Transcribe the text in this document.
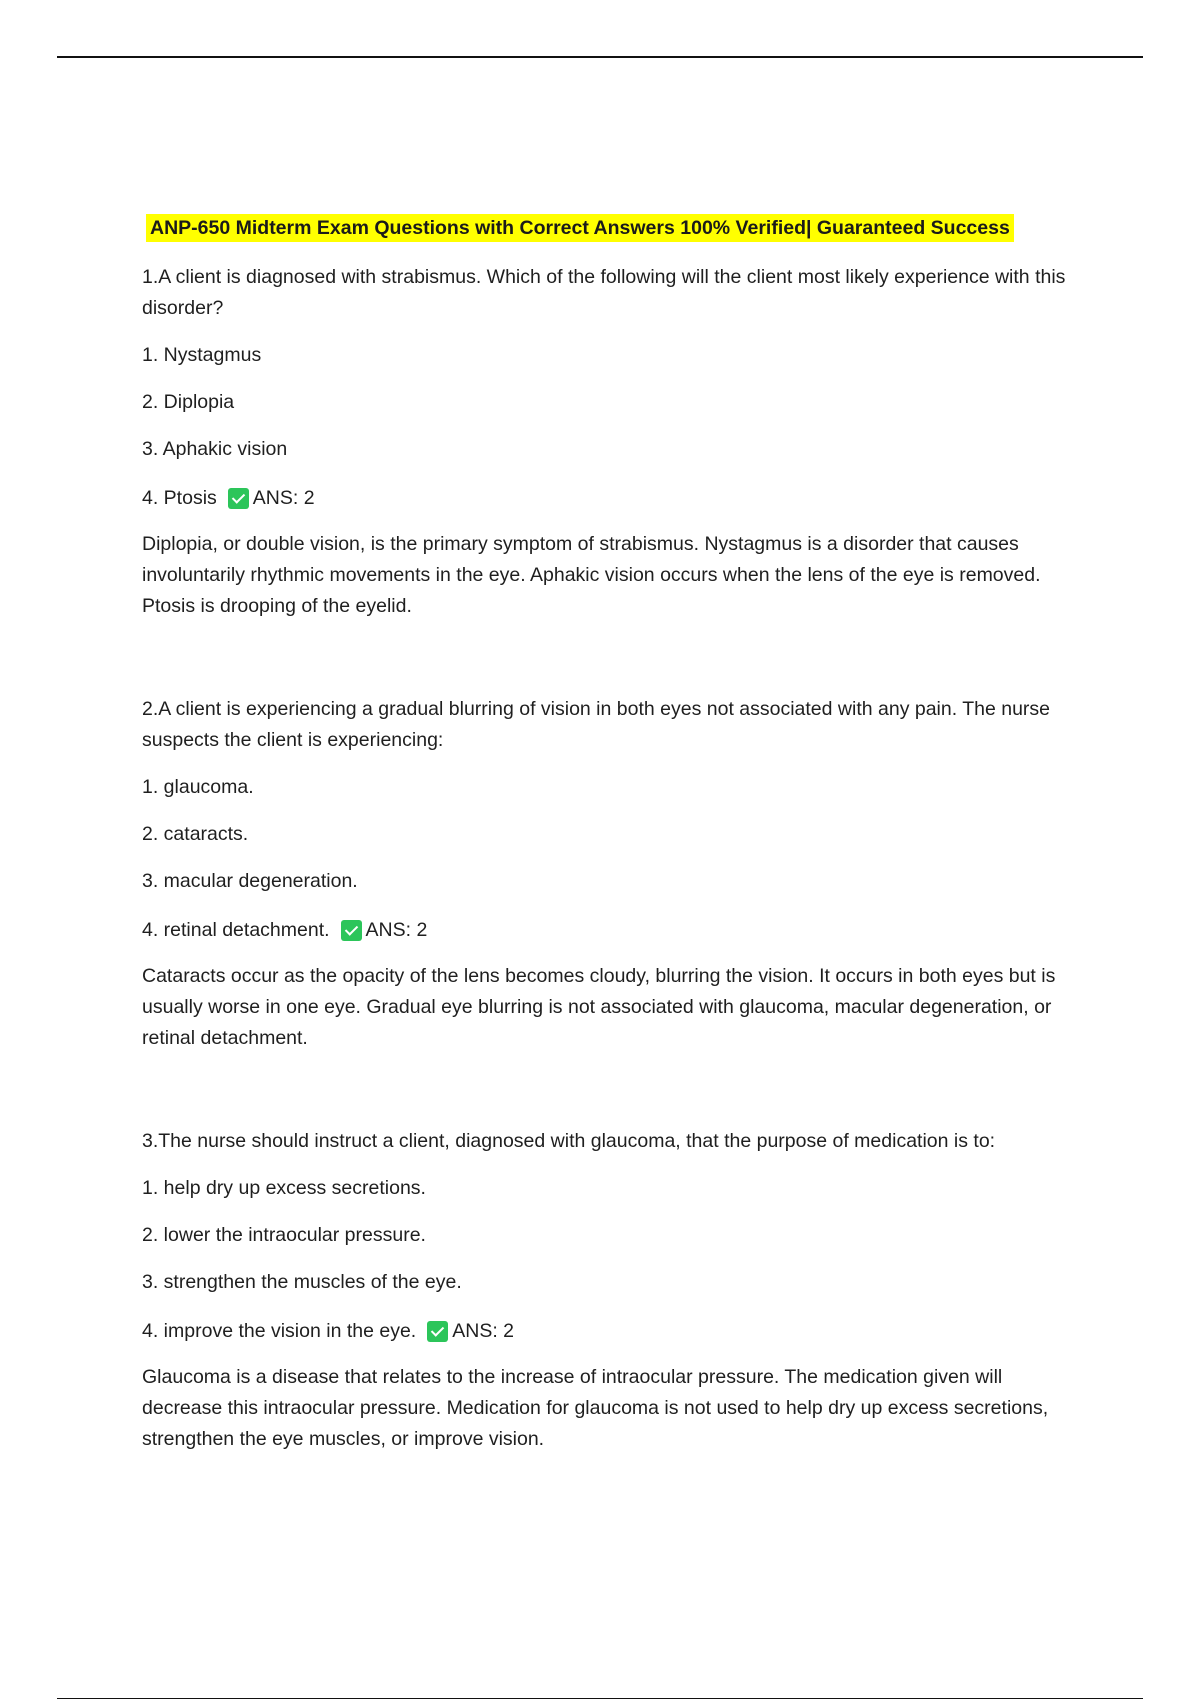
ANP-650 Midterm Exam Questions with Correct Answers 100% Verified| Guaranteed Success

1.A client is diagnosed with strabismus. Which of the following will the client most likely experience with this disorder?

1. Nystagmus
2. Diplopia
3. Aphakic vision
4. Ptosis ANS: 2
Diplopia, or double vision, is the primary symptom of strabismus. Nystagmus is a disorder that causes involuntarily rhythmic movements in the eye. Aphakic vision occurs when the lens of the eye is removed. Ptosis is drooping of the eyelid.

2.A client is experiencing a gradual blurring of vision in both eyes not associated with any pain. The nurse suspects the client is experiencing:

1. glaucoma.
2. cataracts.
3. macular degeneration.
4. retinal detachment. ANS: 2
Cataracts occur as the opacity of the lens becomes cloudy, blurring the vision. It occurs in both eyes but is usually worse in one eye. Gradual eye blurring is not associated with glaucoma, macular degeneration, or retinal detachment.

3.The nurse should instruct a client, diagnosed with glaucoma, that the purpose of medication is to:

1. help dry up excess secretions.
2. lower the intraocular pressure.
3. strengthen the muscles of the eye.
4. improve the vision in the eye. ANS: 2
Glaucoma is a disease that relates to the increase of intraocular pressure. The medication given will decrease this intraocular pressure. Medication for glaucoma is not used to help dry up excess secretions, strengthen the eye muscles, or improve vision.
